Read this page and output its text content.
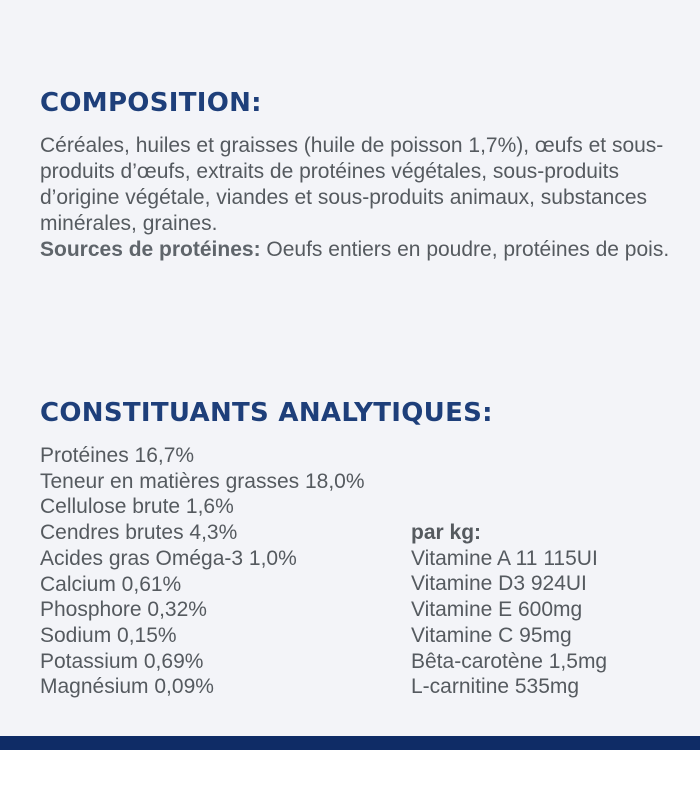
COMPOSITION:

Céréales, huiles et graisses (huile de poisson 1,7%), œufs et sous-produits d’œufs, extraits de protéines végétales, sous-produits d’origine végétale, viandes et sous-produits animaux, substances minérales, graines.
Sources de protéines: Oeufs entiers en poudre, protéines de pois.

CONSTITUANTS ANALYTIQUES:
Protéines 16,7%
Teneur en matières grasses 18,0%
Cellulose brute 1,6%
Cendres brutes 4,3%
Acides gras Oméga-3 1,0%
Calcium 0,61%
Phosphore 0,32%
Sodium 0,15%
Potassium 0,69%
Magnésium 0,09%
par kg:
Vitamine A 11 115UI
Vitamine D3 924UI
Vitamine E 600mg
Vitamine C 95mg
Bêta-carotène 1,5mg
L-carnitine 535mg
